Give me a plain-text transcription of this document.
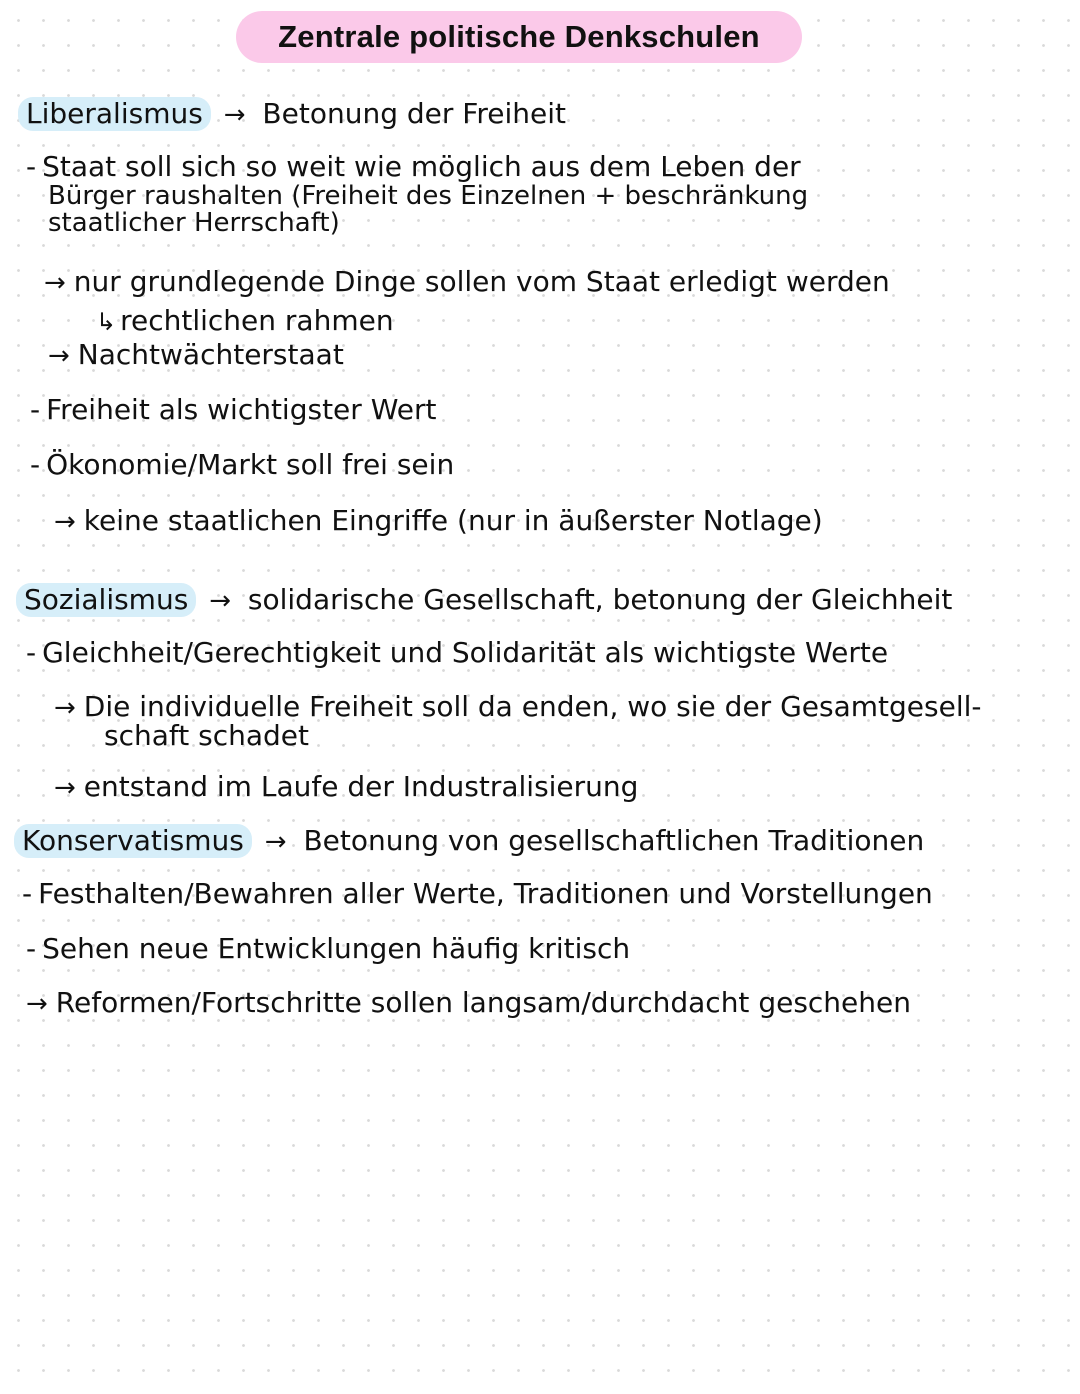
Zentrale politische Denkschulen
Liberalismus → Betonung der Freiheit
- Staat soll sich so weit wie möglich aus dem Leben der
Bürger raushalten (Freiheit des Einzelnen + beschränkung
staatlicher Herrschaft)
→ nur grundlegende Dinge sollen vom Staat erledigt werden
↳ rechtlichen rahmen
→ Nachtwächterstaat
- Freiheit als wichtigster Wert
- Ökonomie/Markt soll frei sein
→ keine staatlichen Eingriffe (nur in äußerster Notlage)
Sozialismus → solidarische Gesellschaft, betonung der Gleichheit
- Gleichheit/Gerechtigkeit und Solidarität als wichtigste Werte
→ Die individuelle Freiheit soll da enden, wo sie der Gesamtgesell-
schaft schadet
→ entstand im Laufe der Industralisierung
Konservatismus → Betonung von gesellschaftlichen Traditionen
- Festhalten/Bewahren aller Werte, Traditionen und Vorstellungen
- Sehen neue Entwicklungen häufig kritisch
→ Reformen/Fortschritte sollen langsam/durchdacht geschehen
